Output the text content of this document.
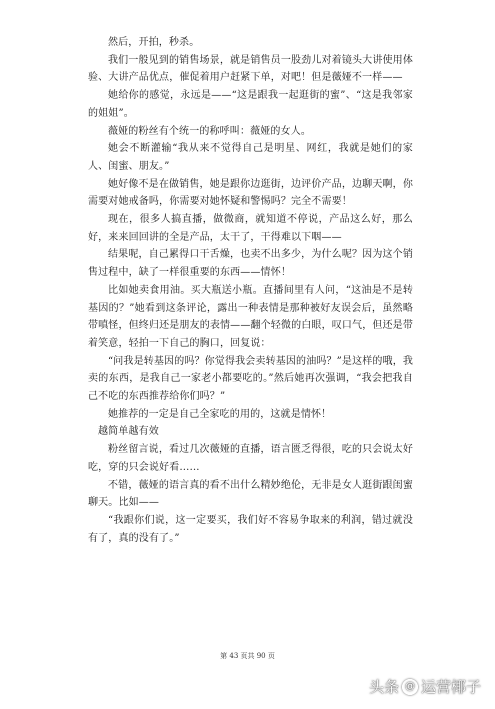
然后，开拍，秒杀。

我们一般见到的销售场景，就是销售员一股劲儿对着镜头大讲使用体验、大讲产品优点，催促着用户赶紧下单，对吧！但是薇娅不一样——

她给你的感觉，永远是——“这是跟我一起逛街的蜜”、“这是我邻家的姐姐”。

薇娅的粉丝有个统一的称呼叫：薇娅的女人。

她会不断灌输“我从来不觉得自己是明星、网红，我就是她们的家人、闺蜜、朋友。”

她好像不是在做销售，她是跟你边逛街，边评价产品，边聊天啊，你需要对她戒备吗，你需要对她怀疑和警惕吗？完全不需要！

现在，很多人搞直播，做微商，就知道不停说，产品这么好，那么好，来来回回讲的全是产品，太干了，干得难以下咽——

结果呢，自己累得口干舌燥，也卖不出多少，为什么呢？因为这个销售过程中，缺了一样很重要的东西——情怀！

比如她卖食用油。买大瓶送小瓶。直播间里有人问，“这油是不是转基因的？”她看到这条评论，露出一种表情是那种被好友误会后，虽然略带嗔怪，但终归还是朋友的表情——翻个轻微的白眼，叹口气，但还是带着笑意，轻拍一下自己的胸口，回复说：

“问我是转基因的吗？你觉得我会卖转基因的油吗？”是这样的哦，我卖的东西，是我自己一家老小都要吃的。”然后她再次强调，“我会把我自己不吃的东西推荐给你们吗？”

她推荐的一定是自己全家吃的用的，这就是情怀！

越简单越有效

粉丝留言说，看过几次薇娅的直播，语言匮乏得很，吃的只会说太好吃，穿的只会说好看……

不错，薇娅的语言真的看不出什么精妙绝伦，无非是女人逛街跟闺蜜聊天。比如——

“我跟你们说，这一定要买，我们好不容易争取来的利润，错过就没有了，真的没有了。”

第 43 页共 90 页
头条 @ 运营椰子
